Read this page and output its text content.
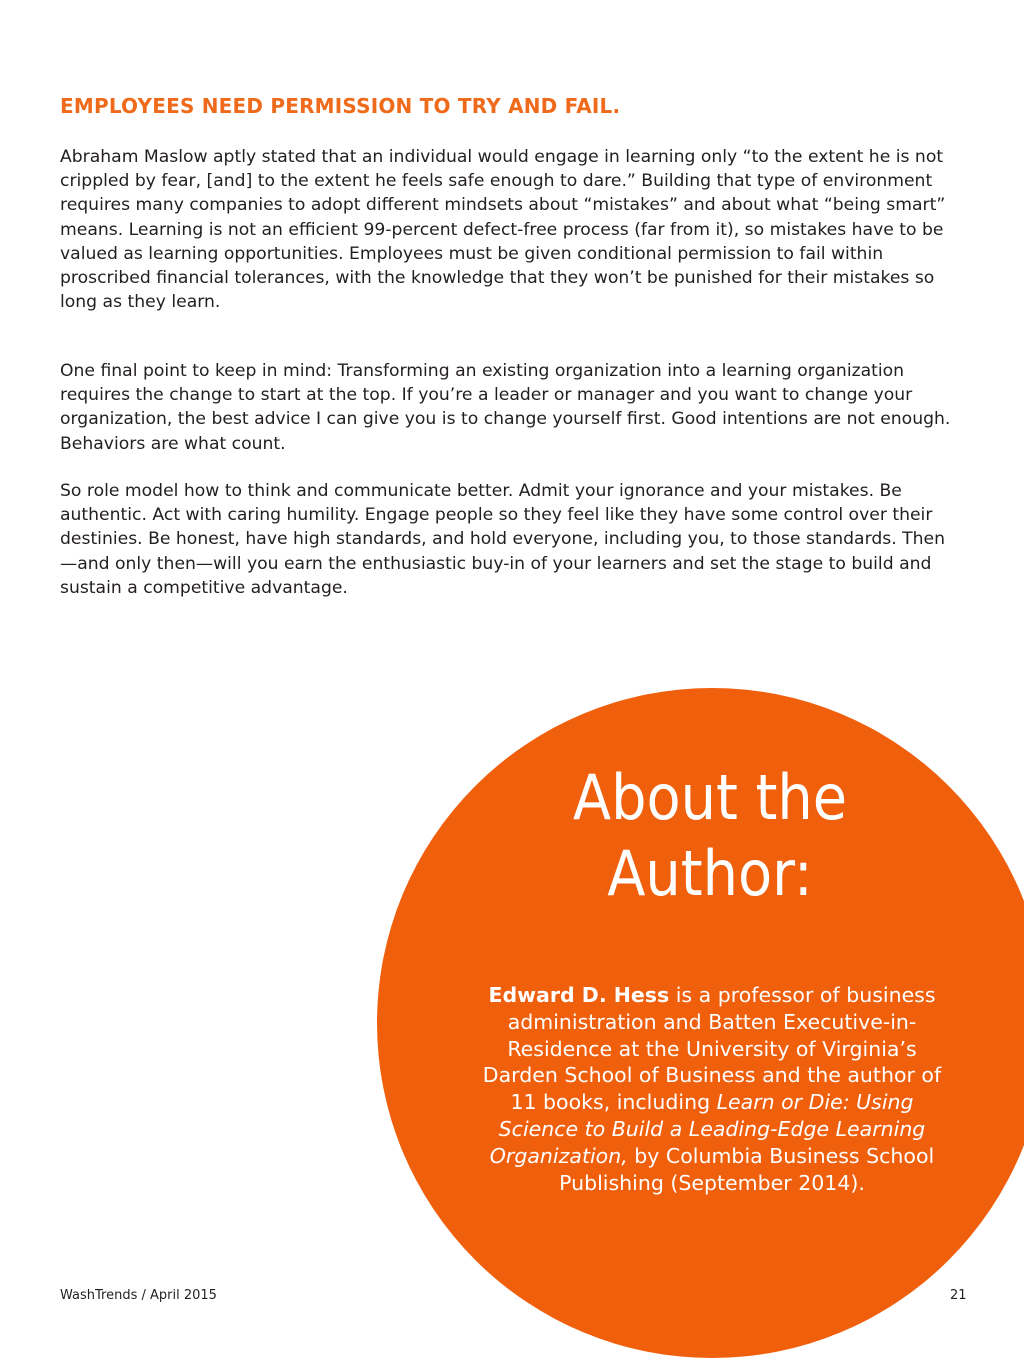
EMPLOYEES NEED PERMISSION TO TRY AND FAIL.

Abraham Maslow aptly stated that an individual would engage in learning only “to the extent he is not crippled by fear, [and] to the extent he feels safe enough to dare.” Building that type of environment requires many companies to adopt different mindsets about “mistakes” and about what “being smart” means. Learning is not an efficient 99-percent defect-free process (far from it), so mistakes have to be valued as learning opportunities. Employees must be given conditional permission to fail within proscribed financial tolerances, with the knowledge that they won’t be punished for their mistakes so long as they learn.

One final point to keep in mind: Transforming an existing organization into a learning organization requires the change to start at the top. If you’re a leader or manager and you want to change your organization, the best advice I can give you is to change yourself first. Good intentions are not enough. Behaviors are what count.

So role model how to think and communicate better. Admit your ignorance and your mistakes. Be authentic. Act with caring humility. Engage people so they feel like they have some control over their destinies. Be honest, have high standards, and hold everyone, including you, to those standards. Then—and only then—will you earn the enthusiastic buy-in of your learners and set the stage to build and sustain a competitive advantage.

About the
Author:

Edward D. Hess is a professor of business administration and Batten Executive-in-Residence at the University of Virginia’s Darden School of Business and the author of 11 books, including Learn or Die: Using Science to Build a Leading-Edge Learning Organization, by Columbia Business School Publishing (September 2014).

WashTrends / April 2015	21
